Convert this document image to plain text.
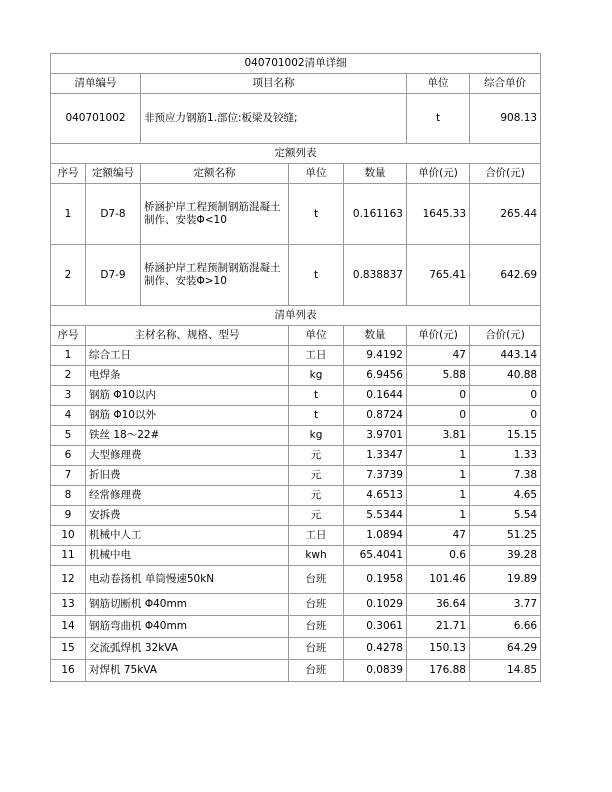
040701002清单详细						
清单编号		项目名称			单位	综合单价
040701002		非预应力钢筋1.部位:板梁及铰缝;			t	908.13
定额列表						
序号	定额编号	定额名称	单位	数量	单价(元)	合价(元)
1	D7-8	桥涵护岸工程预制钢筋混凝土制作、安装Φ<10	t	0.161163	1645.33	265.44
2	D7-9	桥涵护岸工程预制钢筋混凝土制作、安装Φ>10	t	0.838837	765.41	642.69
清单列表						
序号	主材名称、规格、型号		单位	数量	单价(元)	合价(元)
1	综合工日		工日	9.4192	47	443.14
2	电焊条		kg	6.9456	5.88	40.88
3	钢筋 Φ10以内		t	0.1644	0	0
4	钢筋 Φ10以外		t	0.8724	0	0
5	铁丝 18～22#		kg	3.9701	3.81	15.15
6	大型修理费		元	1.3347	1	1.33
7	折旧费		元	7.3739	1	7.38
8	经常修理费		元	4.6513	1	4.65
9	安拆费		元	5.5344	1	5.54
10	机械中人工		工日	1.0894	47	51.25
11	机械中电		kwh	65.4041	0.6	39.28
12	电动卷扬机 单筒慢速50kN		台班	0.1958	101.46	19.89
13	钢筋切断机 Φ40mm		台班	0.1029	36.64	3.77
14	钢筋弯曲机 Φ40mm		台班	0.3061	21.71	6.66
15	交流弧焊机 32kVA		台班	0.4278	150.13	64.29
16	对焊机 75kVA		台班	0.0839	176.88	14.85
